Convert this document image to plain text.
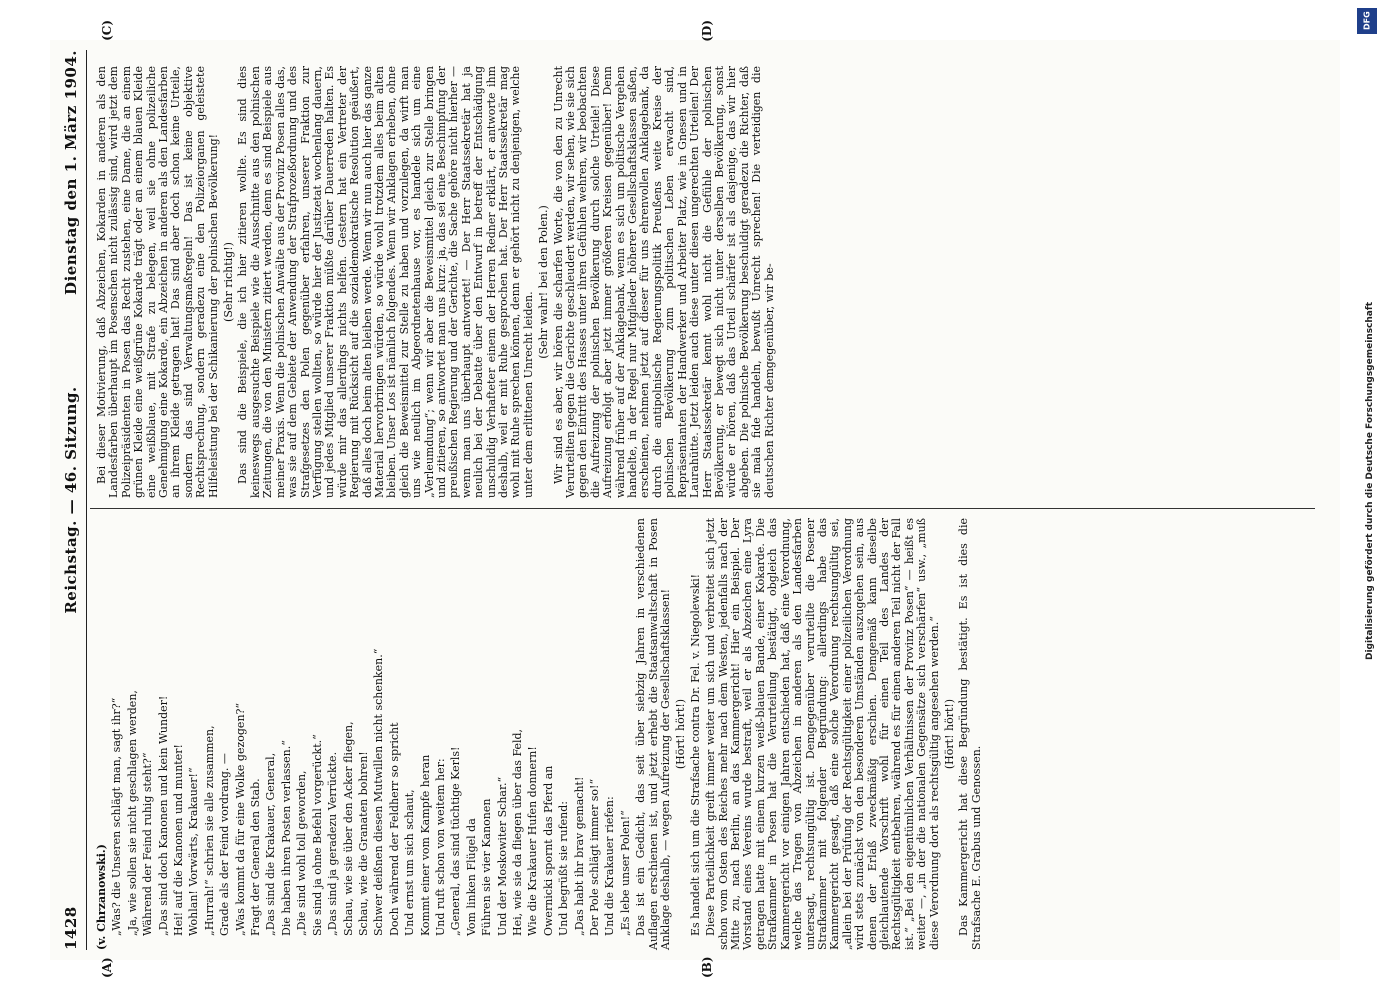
1428
Reichstag. — 46. Sitzung.
Dienstag den 1. März 1904.
(A)	(B)
(C)	(D)

(v. Chrzanowski.) „Was? die Unseren schlägt man, sagt ihr?“ „Ja, wie sollen sie nicht geschlagen werden, Während der Feind ruhig steht?“ „Das sind doch Kanonen und kein Wunder! Hei! auf die Kanonen und munter! Wohlan! Vorwärts, Krakauer!“ „Hurrah!“ schrien sie alle zusammen, Grade als der Feind vordrang. — „Was kommt da für eine Wolke gezogen?“ Fragt der General den Stab. „Das sind die Krakauer, General, Die haben ihren Posten verlassen.“ „Die sind wohl toll geworden, Sie sind ja ohne Befehl vorgerückt.“ „Das sind ja geradezu Verrückte. Schau, wie sie über den Acker fliegen, Schau, wie die Granaten bohren! Schwer deißnen diesen Mutwillen nicht schenken.“ Doch während der Feldherr so spricht Und ernst um sich schaut, Kommt einer vom Kampfe heran Und ruft schon von weitem her: „General, das sind tüchtige Kerls! Vom linken Flügel da Führen sie vier Kanonen Und der Moskowiter Schar.“ Hei, wie sie da fliegen über das Feld, Wie die Krakauer Hufen donnern! Owernicki spornt das Pferd an Und begrüßt sie rufend: „Das habt ihr brav gemacht! Der Pole schlägt immer so!“ Und die Krakauer riefen: „Es lebe unser Polen!“ Das ist ein Gedicht, das seit über siebzig Jahren in verschiedenen Auflagen erschienen ist, und jetzt erhebt die Staatsanwaltschaft in Posen Anklage deshalb, — wegen Aufreizung der Gesellschaftsklassen! (Hört! hört!) Es handelt sich um die Strafsache contra Dr. Fel. v. Niegolewski! Diese Parteilichkeit greift immer weiter um sich und verbreitet sich jetzt schon vom Osten des Reiches mehr nach dem Westen, jedenfalls nach der Mitte zu, nach Berlin, an das Kammergericht! Hier ein Beispiel. Der Vorstand eines Vereins wurde bestraft, weil er als Abzeichen eine Lyra getragen hatte mit einem kurzen weiß-blauen Bande, einer Kokarde. Die Strafkammer in Posen hat die Verurteilung bestätigt, obgleich das Kammergericht vor einigen Jahren entschieden hat, daß eine Verordnung, welche das Tragen von Abzeichen in anderen als den Landesfarben untersagt, rechtsungültig ist. Demgegenüber verurteilte die Posener Strafkammer mit folgender Begründung: allerdings habe das Kammergericht gesagt, daß eine solche Verordnung rechtsungültig sei, „allein bei der Prüfung der Rechtsgültigkeit einer polizeilichen Verordnung wird stets zunächst von den besonderen Umständen auszugehen sein, aus denen der Erlaß zweckmäßig erschien. Demgemäß kann dieselbe gleichlautende Vorschrift wohl für einen Teil des Landes der Rechtsgültigkeit entbehren, während es für einen anderen Teil nicht der Fall ist.“ „Bei den eigentümlichen Verhältnissen der Provinz Posen“ — heißt es weiter —, „in der die nationalen Gegensätze sich verschärfen“ usw., „muß diese Verordnung dort als rechtsgültig angesehen werden.“ (Hört! hört!) Das Kammergericht hat diese Begründung bestätigt. Es ist dies die Strafsache E. Grabus und Genossen.

Bei dieser Motivierung, daß Abzeichen, Kokarden in anderen als den Landesfarben überhaupt im Posenschen nicht zulässig sind, wird jetzt dem Polizeipräsidenten in Posen das Recht zustehen, eine Dame, die an einem grünen Kleide eine weißgrüne Kokarde trägt oder an einem blauen Kleide eine weißblaue, mit Strafe zu belegen, weil sie ohne polizeiliche Genehmigung eine Kokarde, ein Abzeichen in anderen als den Landesfarben an ihrem Kleide getragen hat! Das sind aber doch schon keine Urteile, sondern das sind Verwaltungsmaßregeln! Das ist keine objektive Rechtsprechung, sondern geradezu eine den Polizeiorganen geleistete Hilfeleistung bei der Schikanierung der polnischen Bevölkerung! (Sehr richtig!) Das sind die Beispiele, die ich hier zitieren wollte. Es sind dies keineswegs ausgesuchte Beispiele wie die Ausschnitte aus den polnischen Zeitungen, die von den Ministern zitiert werden, denn es sind Beispiele aus meiner Praxis. Wenn die polnischen Anwälte aus der Provinz Posen alles das, was sie auf dem Gebiete der Anwendung der Strafprozeßordnung und des Strafgesetzes den Polen gegenüber erfahren, unserer Fraktion zur Verfügung stellen wollten, so würde hier der Justizetat wochenlang dauern, und jedes Mitglied unserer Fraktion müßte darüber Dauerreden halten. Es würde mir das allerdings nichts helfen. Gestern hat ein Vertreter der Regierung mit Rücksicht auf die sozialdemokratische Resolution geäußert, daß alles doch beim alten bleiben werde. Wenn wir nun auch hier das ganze Material hervorbringen würden, so würde wohl trotzdem alles beim alten bleiben. Unser Los ist nämlich folgendes. Wenn wir Anklagen erheben, ohne gleich die Beweismittel zur Stelle zu haben und vorzulegen, da wirft man uns wie neulich im Abgeordnetenhause vor, es handele sich um eine „Verleumdung“; wenn wir aber die Beweismittel gleich zur Stelle bringen und zitieren, so antwortet man uns kurz: ja, das sei eine Beschimpfung der preußischen Regierung und der Gerichte, die Sache gehöre nicht hierher — wenn man uns überhaupt antwortet! — Der Herr Staatssekretär hat ja neulich bei der Debatte über den Entwurf in betreff der Entschädigung unschuldig Verhafteter einem der Herren Redner erklärt, er antworte ihm deshalb, weil er mit Ruhe gesprochen hat. Der Herr Staatssekretär mag wohl mit Ruhe sprechen können, denn er gehört nicht zu denjenigen, welche unter dem erlittenen Unrecht leiden.

(Sehr wahr! bei den Polen.) Wir sind es aber, wir hören die scharfen Worte, die von den zu Unrecht Verurteilten gegen die Gerichte geschleudert werden, wir sehen, wie sie sich gegen den Eintritt des Hasses unter ihren Gefühlen wehren, wir beobachten die Aufreizung der polnischen Bevölkerung durch solche Urteile! Diese Aufreizung erfolgt aber jetzt immer größeren Kreisen gegenüber! Denn während früher auf der Anklagebank, wenn es sich um politische Vergehen handelte, in der Regel nur Mitglieder höherer Gesellschaftsklassen saßen, erscheinen, nehmen jetzt auf dieser für uns ehrenvollen Anklagebank, da durch die antipolnische Regierungspolitik Preußens weite Kreise der polnischen Bevölkerung zum politischen Leben erwacht sind, Repräsentanten der Handwerker und Arbeiter Platz, wie in Gnesen und in Laurahütte. Jetzt leiden auch diese unter diesen ungerechten Urteilen! Der Herr Staatssekretär kennt wohl nicht die Gefühle der polnischen Bevölkerung, er bewegt sich nicht unter derselben Bevölkerung, sonst würde er hören, daß das Urteil schärfer ist als dasjenige, das wir hier abgeben. Die polnische Bevölkerung beschuldigt geradezu die Richter, daß sie mala fide handeln, bewußt Unrecht sprechen! Die verteidigen die deutschen Richter demgegenüber, wir be-

DFG
Digitalisierung gefördert durch die Deutsche Forschungsgemeinschaft
